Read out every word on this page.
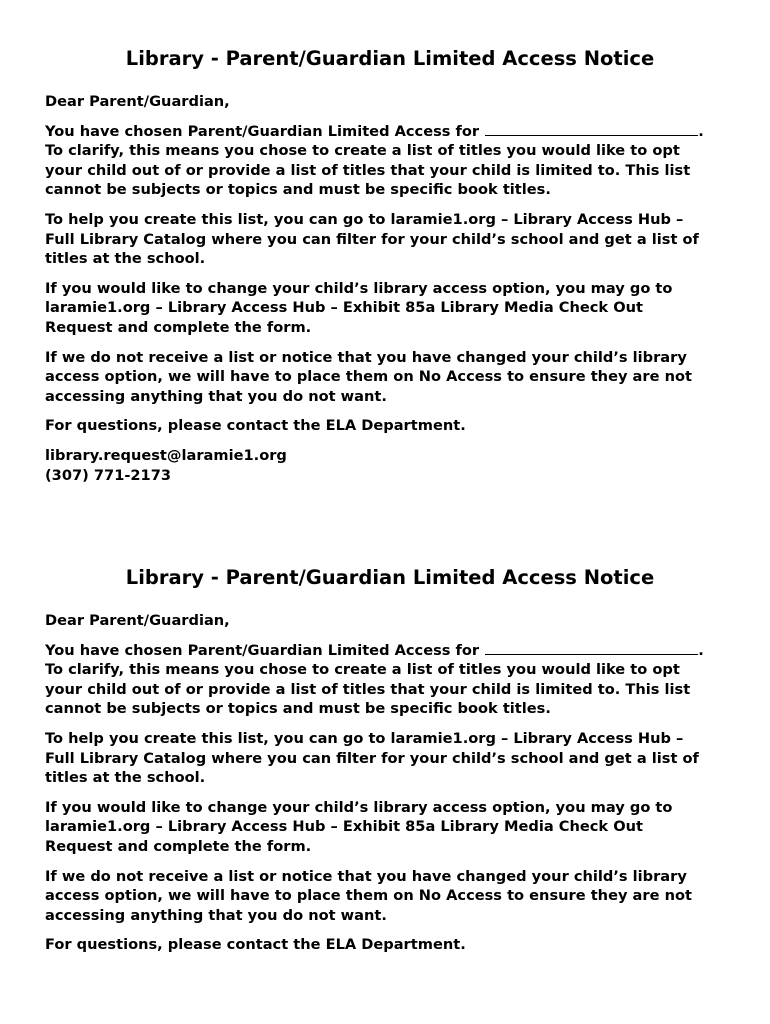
Library - Parent/Guardian Limited Access Notice
Dear Parent/Guardian,
You have chosen Parent/Guardian Limited Access for	.
To clarify, this means you chose to create a list of titles you would like to opt
your child out of or provide a list of titles that your child is limited to. This list
cannot be subjects or topics and must be specific book titles.
To help you create this list, you can go to laramie1.org – Library Access Hub –
Full Library Catalog where you can filter for your child’s school and get a list of
titles at the school.
If you would like to change your child’s library access option, you may go to
laramie1.org – Library Access Hub – Exhibit 85a Library Media Check Out
Request and complete the form.
If we do not receive a list or notice that you have changed your child’s library
access option, we will have to place them on No Access to ensure they are not
accessing anything that you do not want.
For questions, please contact the ELA Department.
library.request@laramie1.org
(307) 771-2173
Library - Parent/Guardian Limited Access Notice
Dear Parent/Guardian,
You have chosen Parent/Guardian Limited Access for	.
To clarify, this means you chose to create a list of titles you would like to opt
your child out of or provide a list of titles that your child is limited to. This list
cannot be subjects or topics and must be specific book titles.
To help you create this list, you can go to laramie1.org – Library Access Hub –
Full Library Catalog where you can filter for your child’s school and get a list of
titles at the school.
If you would like to change your child’s library access option, you may go to
laramie1.org – Library Access Hub – Exhibit 85a Library Media Check Out
Request and complete the form.
If we do not receive a list or notice that you have changed your child’s library
access option, we will have to place them on No Access to ensure they are not
accessing anything that you do not want.
For questions, please contact the ELA Department.
